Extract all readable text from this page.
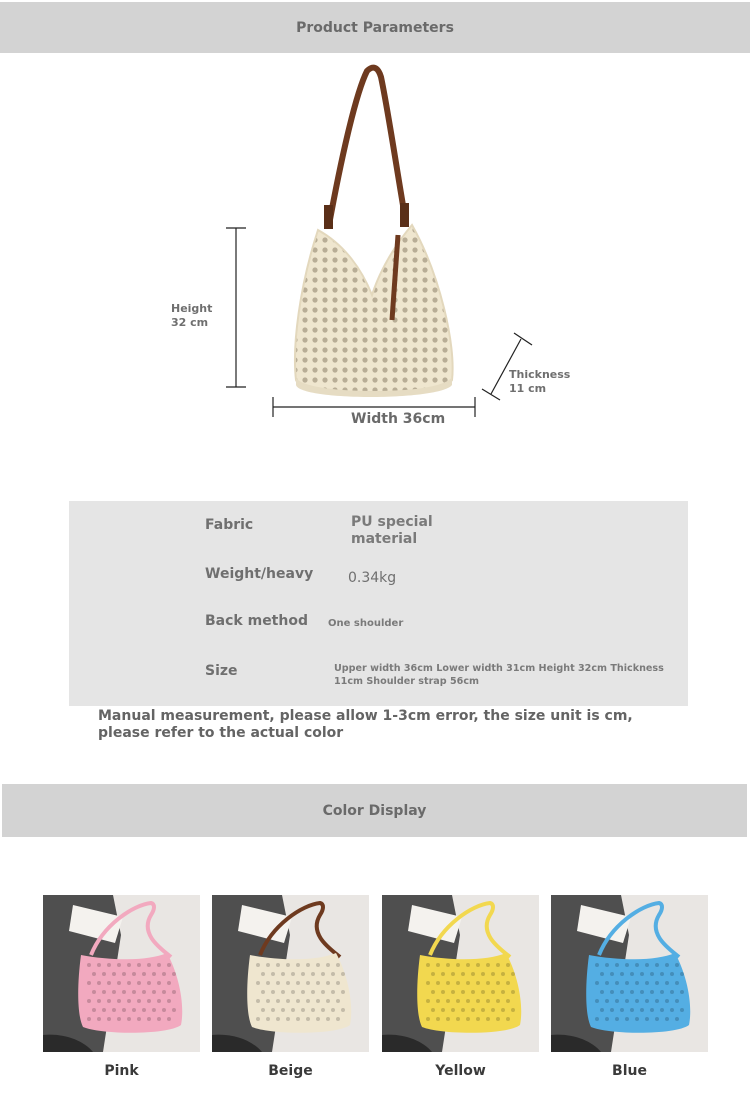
Product Parameters
Height 32 cm
Width 36cm
Thickness 11 cm
Fabric	PU special material
Weight/heavy 0.34kg
Back method One shoulder
Size	Upper width 36cm Lower width 31cm Height 32cm Thickness 11cm Shoulder strap 56cm
Manual measurement, please allow 1-3cm error, the size unit is cm, please refer to the actual color
Color Display
Pink	Beige	Yellow	Blue
